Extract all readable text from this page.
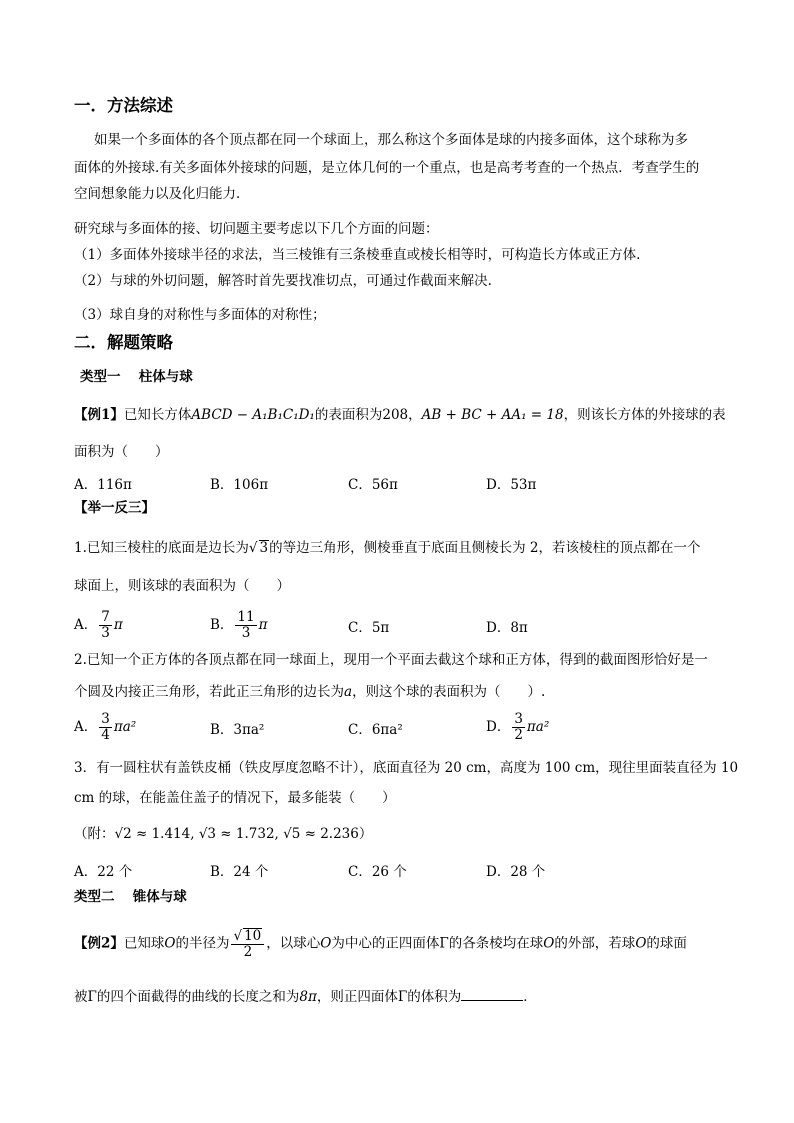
一．方法综述
如果一个多面体的各个顶点都在同一个球面上，那么称这个多面体是球的内接多面体，这个球称为多
面体的外接球.有关多面体外接球的问题，是立体几何的一个重点，也是高考考查的一个热点．考查学生的
空间想象能力以及化归能力．
研究球与多面体的接、切问题主要考虑以下几个方面的问题：
（1）多面体外接球半径的求法，当三棱锥有三条棱垂直或棱长相等时，可构造长方体或正方体.
（2）与球的外切问题，解答时首先要找准切点，可通过作截面来解决.
（3）球自身的对称性与多面体的对称性；
二．解题策略
类型一　 柱体与球
【例1】已知长方体ABCD − A₁B₁C₁D₁的表面积为208，AB + BC + AA₁ = 18，则该长方体的外接球的表
面积为（　　）
A．116π	B．106π	C．56π	D．53π
【举一反三】
1.已知三棱柱的底面是边长为√ 3的等边三角形，侧棱垂直于底面且侧棱长为 2，若该棱柱的顶点都在一个
球面上，则该球的表面积为（　　）
A． $\frac{7}{3}$ π	B． $\frac{11}{3}$ π	C．5π	D．8π
2.已知一个正方体的各顶点都在同一球面上，现用一个平面去截这个球和正方体，得到的截面图形恰好是一
个圆及内接正三角形，若此正三角形的边长为a，则这个球的表面积为（　　）.
A． $\frac{3}{4} \pi a^2$	B．3πa²	C．6πa²	D． $\frac{3}{2} \pi a^2$
3．有一圆柱状有盖铁皮桶（铁皮厚度忽略不计），底面直径为 20 cm，高度为 100 cm，现往里面装直径为 10
cm 的球，在能盖住盖子的情况下，最多能装（　　）
（附：√2 ≈ 1.414, √3 ≈ 1.732, √5 ≈ 2.236）
A．22 个	B．24 个	C．26 个	D．28 个
类型二　 锥体与球
【例2】已知球O的半径为 $\frac{√ 10}{2}$ ，以球心O为中心的正四面体Γ的各条棱均在球O的外部，若球O的球面
被Γ的四个面截得的曲线的长度之和为8π，则正四面体Γ的体积为	．
